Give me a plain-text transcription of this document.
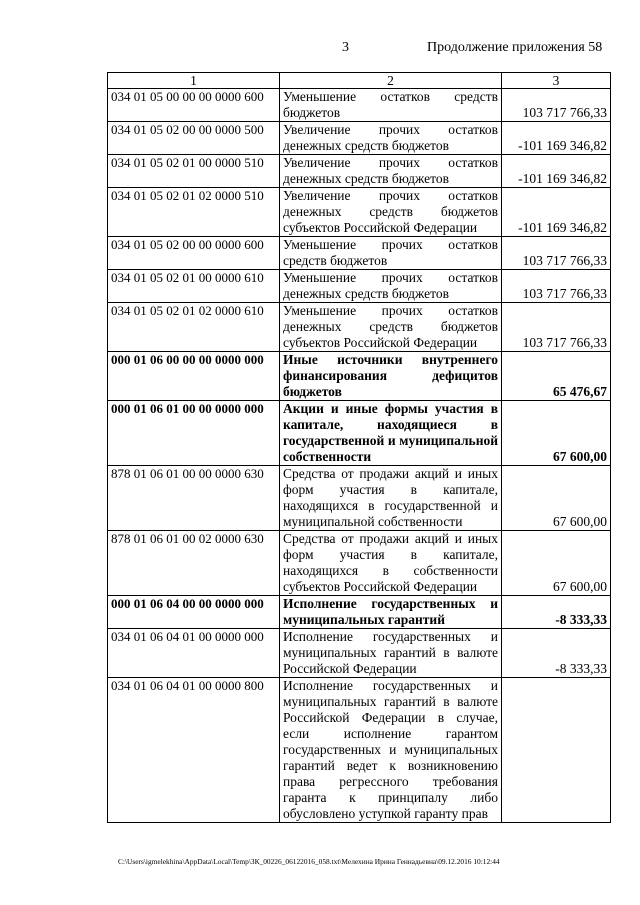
3	Продолжение приложения 58
1	2	3
034 01 05 00 00 00 0000 600	Уменьшение остатков средств бюджетов	103 717 766,33
034 01 05 02 00 00 0000 500	Увеличение прочих остатков денежных средств бюджетов	-101 169 346,82
034 01 05 02 01 00 0000 510	Увеличение прочих остатков денежных средств бюджетов	-101 169 346,82
034 01 05 02 01 02 0000 510	Увеличение прочих остатков денежных средств бюджетов субъектов Российской Федерации	-101 169 346,82
034 01 05 02 00 00 0000 600	Уменьшение прочих остатков средств бюджетов	103 717 766,33
034 01 05 02 01 00 0000 610	Уменьшение прочих остатков денежных средств бюджетов	103 717 766,33
034 01 05 02 01 02 0000 610	Уменьшение прочих остатков денежных средств бюджетов субъектов Российской Федерации	103 717 766,33
000 01 06 00 00 00 0000 000	Иные источники внутреннего финансирования дефицитов бюджетов	65 476,67
000 01 06 01 00 00 0000 000	Акции и иные формы участия в капитале, находящиеся в государственной и муниципальной собственности	67 600,00
878 01 06 01 00 00 0000 630	Средства от продажи акций и иных форм участия в капитале, находящихся в государственной и муниципальной собственности	67 600,00
878 01 06 01 00 02 0000 630	Средства от продажи акций и иных форм участия в капитале, находящихся в собственности субъектов Российской Федерации	67 600,00
000 01 06 04 00 00 0000 000	Исполнение государственных и муниципальных гарантий	-8 333,33
034 01 06 04 01 00 0000 000	Исполнение государственных и муниципальных гарантий в валюте Российской Федерации	-8 333,33
034 01 06 04 01 00 0000 800	Исполнение государственных и муниципальных гарантий в валюте Российской Федерации в случае, если исполнение гарантом государственных и муниципальных гарантий ведет к возникновению права регрессного требования гаранта к принципалу либо обусловлено уступкой гаранту прав	
C:\Users\igmelekhina\AppData\Local\Temp\ЗК_00226_06122016_058.txt\Мелехина Ирина Геннадьевна\09.12.2016 10:12:44
